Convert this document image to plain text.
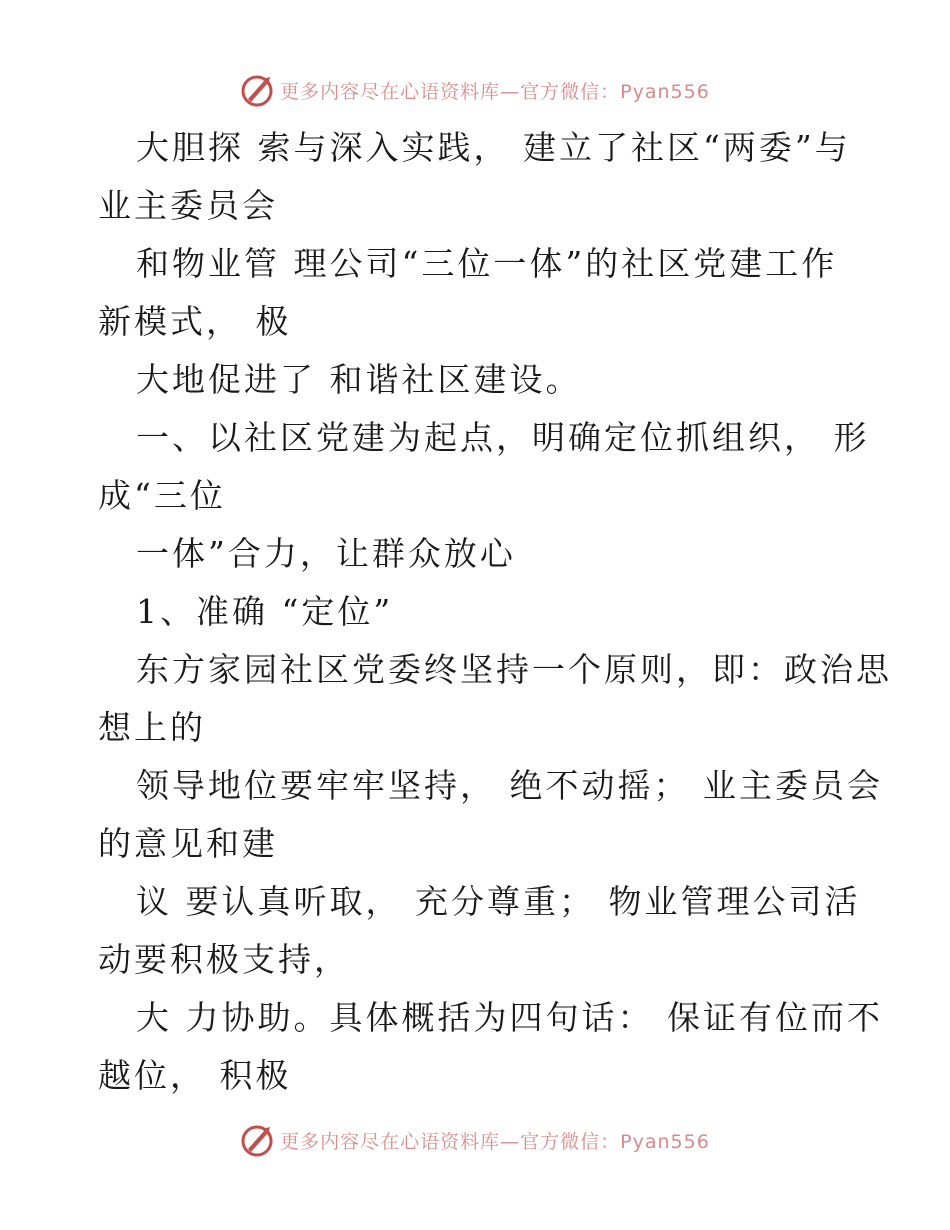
更多内容尽在心语资料库—官方微信：Pyan556
大胆探 索与深入实践， 建立了社区“两委”与
业主委员会
和物业管 理公司“三位一体”的社区党建工作
新模式， 极
大地促进了 和谐社区建设。
一、以社区党建为起点，明确定位抓组织， 形
成“三位
一体”合力，让群众放心
1、准确 “定位”
东方家园社区党委终坚持一个原则，即：政治思
想上的
领导地位要牢牢坚持， 绝不动摇； 业主委员会
的意见和建
议 要认真听取， 充分尊重； 物业管理公司活
动要积极支持，
大 力协助。具体概括为四句话： 保证有位而不
越位， 积极
更多内容尽在心语资料库—官方微信：Pyan556
